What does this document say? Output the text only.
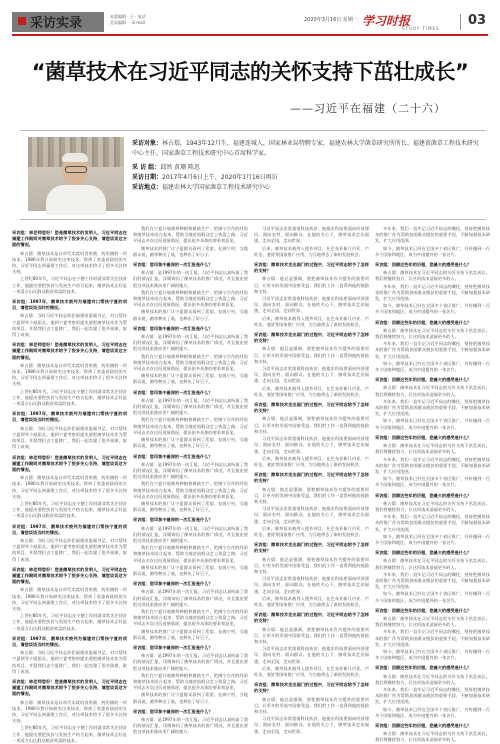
采访实录	本版编辑 · 王 · 电话
美术编辑 · · E-mail	2020年3月16日 星期一 学习时报
STUDY TIMES
03
“菌草技术在习近平同志的关怀支持下茁壮成长”
——习近平在福建（二十六）
采访对象：林占熺，1943年12月生，福建连城人，国家林业局特聘专家，福建农林大学菌草研究所所长、福建省菌草工程技术研究中心主任、国家菌草工程技术研究中心首席科学家。
采 访 组：邱然 黄珊 陈思
采访日期：2017年4月6日上午，2020年1月16日再访
采访地点：福建农林大学国家菌草工程技术研究中心

采访组：林老师您好！您是菌草技术的发明人，习近平同志在福建工作期间对菌草技术给予了很多关心支持，请您谈谈这方面的情况。

林占熺：菌草技术是以草代木栽培食用菌、药用菌的一项技术。1986年我开始研究这项技术，得到了省委省政府的支持。习近平同志到福建工作后，对这项技术给予了很多关注和支持。

上世纪80年代，习近平同志在宁德工作时就非常关注扶贫工作，他提出要把扶贫与发展生产结合起来，菌草技术正好是一项适合山区群众脱贫致富的技术。

采访组：1997年，菌草技术被列为福建对口帮扶宁夏的项目，请您谈谈当时的情况。

林占熺：当时习近平同志担任福建省委副书记、对口帮扶宁夏领导小组组长。他到宁夏考察时提出要把菌草技术作为帮扶项目，并派我们去宁夏推广，我们一起克服了很多困难，取得了成效。

采访组：林老师您好！您是菌草技术的发明人，习近平同志在福建工作期间对菌草技术给予了很多关心支持，请您谈谈这方面的情况。

林占熺：菌草技术是以草代木栽培食用菌、药用菌的一项技术。1986年我开始研究这项技术，得到了省委省政府的支持。习近平同志到福建工作后，对这项技术给予了很多关注和支持。

上世纪80年代，习近平同志在宁德工作时就非常关注扶贫工作，他提出要把扶贫与发展生产结合起来，菌草技术正好是一项适合山区群众脱贫致富的技术。

采访组：1997年，菌草技术被列为福建对口帮扶宁夏的项目，请您谈谈当时的情况。

林占熺：当时习近平同志担任福建省委副书记、对口帮扶宁夏领导小组组长。他到宁夏考察时提出要把菌草技术作为帮扶项目，并派我们去宁夏推广，我们一起克服了很多困难，取得了成效。

采访组：林老师您好！您是菌草技术的发明人，习近平同志在福建工作期间对菌草技术给予了很多关心支持，请您谈谈这方面的情况。

林占熺：菌草技术是以草代木栽培食用菌、药用菌的一项技术。1986年我开始研究这项技术，得到了省委省政府的支持。习近平同志到福建工作后，对这项技术给予了很多关注和支持。

上世纪80年代，习近平同志在宁德工作时就非常关注扶贫工作，他提出要把扶贫与发展生产结合起来，菌草技术正好是一项适合山区群众脱贫致富的技术。

采访组：1997年，菌草技术被列为福建对口帮扶宁夏的项目，请您谈谈当时的情况。

林占熺：当时习近平同志担任福建省委副书记、对口帮扶宁夏领导小组组长。他到宁夏考察时提出要把菌草技术作为帮扶项目，并派我们去宁夏推广，我们一起克服了很多困难，取得了成效。

采访组：林老师您好！您是菌草技术的发明人，习近平同志在福建工作期间对菌草技术给予了很多关心支持，请您谈谈这方面的情况。

林占熺：菌草技术是以草代木栽培食用菌、药用菌的一项技术。1986年我开始研究这项技术，得到了省委省政府的支持。习近平同志到福建工作后，对这项技术给予了很多关注和支持。

上世纪80年代，习近平同志在宁德工作时就非常关注扶贫工作，他提出要把扶贫与发展生产结合起来，菌草技术正好是一项适合山区群众脱贫致富的技术。

采访组：1997年，菌草技术被列为福建对口帮扶宁夏的项目，请您谈谈当时的情况。

林占熺：当时习近平同志担任福建省委副书记、对口帮扶宁夏领导小组组长。他到宁夏考察时提出要把菌草技术作为帮扶项目，并派我们去宁夏推广，我们一起克服了很多困难，取得了成效。

采访组：林老师您好！您是菌草技术的发明人，习近平同志在福建工作期间对菌草技术给予了很多关心支持，请您谈谈这方面的情况。

林占熺：菌草技术是以草代木栽培食用菌、药用菌的一项技术。1986年我开始研究这项技术，得到了省委省政府的支持。习近平同志到福建工作后，对这项技术给予了很多关注和支持。

上世纪80年代，习近平同志在宁德工作时就非常关注扶贫工作，他提出要把扶贫与发展生产结合起来，菌草技术正好是一项适合山区群众脱贫致富的技术。

我们在宁夏开展菌草种植和菌菇生产，把闽宁合作的经验和菌草技术结合起来，帮助当地贫困群众走上致富之路。习近平同志多次过问进展情况，提出很多具体的要求和意见。

菌草技术的推广让宁夏群众看到了希望。在闽宁村，当地群众说，菌草种出了菇，也种出了好日子。

采访组：您印象中最深的一次汇报是什么？

林占熺：是1997年的一次汇报。习近平同志认真听取了我们的情况汇报，详细询问了菌草技术的推广情况，并且提出要把这项技术推向更广阔的地方。

我们在宁夏开展菌草种植和菌菇生产，把闽宁合作的经验和菌草技术结合起来，帮助当地贫困群众走上致富之路。习近平同志多次过问进展情况，提出很多具体的要求和意见。

菌草技术的推广让宁夏群众看到了希望。在闽宁村，当地群众说，菌草种出了菇，也种出了好日子。

采访组：您印象中最深的一次汇报是什么？

林占熺：是1997年的一次汇报。习近平同志认真听取了我们的情况汇报，详细询问了菌草技术的推广情况，并且提出要把这项技术推向更广阔的地方。

我们在宁夏开展菌草种植和菌菇生产，把闽宁合作的经验和菌草技术结合起来，帮助当地贫困群众走上致富之路。习近平同志多次过问进展情况，提出很多具体的要求和意见。

菌草技术的推广让宁夏群众看到了希望。在闽宁村，当地群众说，菌草种出了菇，也种出了好日子。

采访组：您印象中最深的一次汇报是什么？

林占熺：是1997年的一次汇报。习近平同志认真听取了我们的情况汇报，详细询问了菌草技术的推广情况，并且提出要把这项技术推向更广阔的地方。

我们在宁夏开展菌草种植和菌菇生产，把闽宁合作的经验和菌草技术结合起来，帮助当地贫困群众走上致富之路。习近平同志多次过问进展情况，提出很多具体的要求和意见。

菌草技术的推广让宁夏群众看到了希望。在闽宁村，当地群众说，菌草种出了菇，也种出了好日子。

采访组：您印象中最深的一次汇报是什么？

林占熺：是1997年的一次汇报。习近平同志认真听取了我们的情况汇报，详细询问了菌草技术的推广情况，并且提出要把这项技术推向更广阔的地方。

我们在宁夏开展菌草种植和菌菇生产，把闽宁合作的经验和菌草技术结合起来，帮助当地贫困群众走上致富之路。习近平同志多次过问进展情况，提出很多具体的要求和意见。

菌草技术的推广让宁夏群众看到了希望。在闽宁村，当地群众说，菌草种出了菇，也种出了好日子。

采访组：您印象中最深的一次汇报是什么？

林占熺：是1997年的一次汇报。习近平同志认真听取了我们的情况汇报，详细询问了菌草技术的推广情况，并且提出要把这项技术推向更广阔的地方。

我们在宁夏开展菌草种植和菌菇生产，把闽宁合作的经验和菌草技术结合起来，帮助当地贫困群众走上致富之路。习近平同志多次过问进展情况，提出很多具体的要求和意见。

菌草技术的推广让宁夏群众看到了希望。在闽宁村，当地群众说，菌草种出了菇，也种出了好日子。

采访组：您印象中最深的一次汇报是什么？

林占熺：是1997年的一次汇报。习近平同志认真听取了我们的情况汇报，详细询问了菌草技术的推广情况，并且提出要把这项技术推向更广阔的地方。

我们在宁夏开展菌草种植和菌菇生产，把闽宁合作的经验和菌草技术结合起来，帮助当地贫困群众走上致富之路。习近平同志多次过问进展情况，提出很多具体的要求和意见。

菌草技术的推广让宁夏群众看到了希望。在闽宁村，当地群众说，菌草种出了菇，也种出了好日子。

采访组：您印象中最深的一次汇报是什么？

林占熺：是1997年的一次汇报。习近平同志认真听取了我们的情况汇报，详细询问了菌草技术的推广情况，并且提出要把这项技术推向更广阔的地方。

我们在宁夏开展菌草种植和菌菇生产，把闽宁合作的经验和菌草技术结合起来，帮助当地贫困群众走上致富之路。习近平同志多次过问进展情况，提出很多具体的要求和意见。

菌草技术的推广让宁夏群众看到了希望。在闽宁村，当地群众说，菌草种出了菇，也种出了好日子。

采访组：您印象中最深的一次汇报是什么？

林占熺：是1997年的一次汇报。习近平同志认真听取了我们的情况汇报，详细询问了菌草技术的推广情况，并且提出要把这项技术推向更广阔的地方。

习近平同志非常重视科技扶贫，他提出科技要面向经济建设、面向农村、面向群众。在他的关心下，菌草技术走出福建，走向全国，走向世界。

后来，菌草技术被列入援外项目，在巴布亚新几内亚、卢旺达、斐济等国家推广应用，为当地带去了新的发展机会。

采访组：菌草技术走出国门的过程中，习近平同志给予了怎样的支持？

林占熺：他总是强调，要把菌草技术作为援外的重要项目，让更多的发展中国家受益。我们的工作一直得到他的鼓励和支持。

习近平同志非常重视科技扶贫，他提出科技要面向经济建设、面向农村、面向群众。在他的关心下，菌草技术走出福建，走向全国，走向世界。

后来，菌草技术被列入援外项目，在巴布亚新几内亚、卢旺达、斐济等国家推广应用，为当地带去了新的发展机会。

采访组：菌草技术走出国门的过程中，习近平同志给予了怎样的支持？

林占熺：他总是强调，要把菌草技术作为援外的重要项目，让更多的发展中国家受益。我们的工作一直得到他的鼓励和支持。

习近平同志非常重视科技扶贫，他提出科技要面向经济建设、面向农村、面向群众。在他的关心下，菌草技术走出福建，走向全国，走向世界。

后来，菌草技术被列入援外项目，在巴布亚新几内亚、卢旺达、斐济等国家推广应用，为当地带去了新的发展机会。

采访组：菌草技术走出国门的过程中，习近平同志给予了怎样的支持？

林占熺：他总是强调，要把菌草技术作为援外的重要项目，让更多的发展中国家受益。我们的工作一直得到他的鼓励和支持。

习近平同志非常重视科技扶贫，他提出科技要面向经济建设、面向农村、面向群众。在他的关心下，菌草技术走出福建，走向全国，走向世界。

后来，菌草技术被列入援外项目，在巴布亚新几内亚、卢旺达、斐济等国家推广应用，为当地带去了新的发展机会。

采访组：菌草技术走出国门的过程中，习近平同志给予了怎样的支持？

林占熺：他总是强调，要把菌草技术作为援外的重要项目，让更多的发展中国家受益。我们的工作一直得到他的鼓励和支持。

习近平同志非常重视科技扶贫，他提出科技要面向经济建设、面向农村、面向群众。在他的关心下，菌草技术走出福建，走向全国，走向世界。

后来，菌草技术被列入援外项目，在巴布亚新几内亚、卢旺达、斐济等国家推广应用，为当地带去了新的发展机会。

采访组：菌草技术走出国门的过程中，习近平同志给予了怎样的支持？

林占熺：他总是强调，要把菌草技术作为援外的重要项目，让更多的发展中国家受益。我们的工作一直得到他的鼓励和支持。

习近平同志非常重视科技扶贫，他提出科技要面向经济建设、面向农村、面向群众。在他的关心下，菌草技术走出福建，走向全国，走向世界。

后来，菌草技术被列入援外项目，在巴布亚新几内亚、卢旺达、斐济等国家推广应用，为当地带去了新的发展机会。

采访组：菌草技术走出国门的过程中，习近平同志给予了怎样的支持？

林占熺：他总是强调，要把菌草技术作为援外的重要项目，让更多的发展中国家受益。我们的工作一直得到他的鼓励和支持。

习近平同志非常重视科技扶贫，他提出科技要面向经济建设、面向农村、面向群众。在他的关心下，菌草技术走出福建，走向全国，走向世界。

后来，菌草技术被列入援外项目，在巴布亚新几内亚、卢旺达、斐济等国家推广应用，为当地带去了新的发展机会。

采访组：菌草技术走出国门的过程中，习近平同志给予了怎样的支持？

林占熺：他总是强调，要把菌草技术作为援外的重要项目，让更多的发展中国家受益。我们的工作一直得到他的鼓励和支持。

习近平同志非常重视科技扶贫，他提出科技要面向经济建设、面向农村、面向群众。在他的关心下，菌草技术走出福建，走向全国，走向世界。

多年来，我们一直牢记习近平同志的嘱托，坚持把菌草技术的推广作为帮助贫困群众脱贫的重要手段，不断加强技术研发，扩大应用范围。

如今，菌草技术已经在全国多个省区推广，并传播到一百多个国家和地区，成为中国援外的一张名片。

采访组：回顾这些年的历程，您最大的感受是什么？

林占熺：菌草技术在习近平同志的关怀支持下茁壮成长。我们将继续努力，让这项技术造福更多的人。

多年来，我们一直牢记习近平同志的嘱托，坚持把菌草技术的推广作为帮助贫困群众脱贫的重要手段，不断加强技术研发，扩大应用范围。

如今，菌草技术已经在全国多个省区推广，并传播到一百多个国家和地区，成为中国援外的一张名片。

采访组：回顾这些年的历程，您最大的感受是什么？

林占熺：菌草技术在习近平同志的关怀支持下茁壮成长。我们将继续努力，让这项技术造福更多的人。

多年来，我们一直牢记习近平同志的嘱托，坚持把菌草技术的推广作为帮助贫困群众脱贫的重要手段，不断加强技术研发，扩大应用范围。

如今，菌草技术已经在全国多个省区推广，并传播到一百多个国家和地区，成为中国援外的一张名片。

采访组：回顾这些年的历程，您最大的感受是什么？

林占熺：菌草技术在习近平同志的关怀支持下茁壮成长。我们将继续努力，让这项技术造福更多的人。

多年来，我们一直牢记习近平同志的嘱托，坚持把菌草技术的推广作为帮助贫困群众脱贫的重要手段，不断加强技术研发，扩大应用范围。

如今，菌草技术已经在全国多个省区推广，并传播到一百多个国家和地区，成为中国援外的一张名片。

采访组：回顾这些年的历程，您最大的感受是什么？

林占熺：菌草技术在习近平同志的关怀支持下茁壮成长。我们将继续努力，让这项技术造福更多的人。

多年来，我们一直牢记习近平同志的嘱托，坚持把菌草技术的推广作为帮助贫困群众脱贫的重要手段，不断加强技术研发，扩大应用范围。

如今，菌草技术已经在全国多个省区推广，并传播到一百多个国家和地区，成为中国援外的一张名片。

采访组：回顾这些年的历程，您最大的感受是什么？

林占熺：菌草技术在习近平同志的关怀支持下茁壮成长。我们将继续努力，让这项技术造福更多的人。

多年来，我们一直牢记习近平同志的嘱托，坚持把菌草技术的推广作为帮助贫困群众脱贫的重要手段，不断加强技术研发，扩大应用范围。

如今，菌草技术已经在全国多个省区推广，并传播到一百多个国家和地区，成为中国援外的一张名片。

采访组：回顾这些年的历程，您最大的感受是什么？

林占熺：菌草技术在习近平同志的关怀支持下茁壮成长。我们将继续努力，让这项技术造福更多的人。

多年来，我们一直牢记习近平同志的嘱托，坚持把菌草技术的推广作为帮助贫困群众脱贫的重要手段，不断加强技术研发，扩大应用范围。

如今，菌草技术已经在全国多个省区推广，并传播到一百多个国家和地区，成为中国援外的一张名片。

采访组：回顾这些年的历程，您最大的感受是什么？

林占熺：菌草技术在习近平同志的关怀支持下茁壮成长。我们将继续努力，让这项技术造福更多的人。

多年来，我们一直牢记习近平同志的嘱托，坚持把菌草技术的推广作为帮助贫困群众脱贫的重要手段，不断加强技术研发，扩大应用范围。

如今，菌草技术已经在全国多个省区推广，并传播到一百多个国家和地区，成为中国援外的一张名片。

采访组：回顾这些年的历程，您最大的感受是什么？

林占熺：菌草技术在习近平同志的关怀支持下茁壮成长。我们将继续努力，让这项技术造福更多的人。

多年来，我们一直牢记习近平同志的嘱托，坚持把菌草技术的推广作为帮助贫困群众脱贫的重要手段，不断加强技术研发，扩大应用范围。

如今，菌草技术已经在全国多个省区推广，并传播到一百多个国家和地区，成为中国援外的一张名片。

采访组：回顾这些年的历程，您最大的感受是什么？

林占熺：菌草技术在习近平同志的关怀支持下茁壮成长。我们将继续努力，让这项技术造福更多的人。
